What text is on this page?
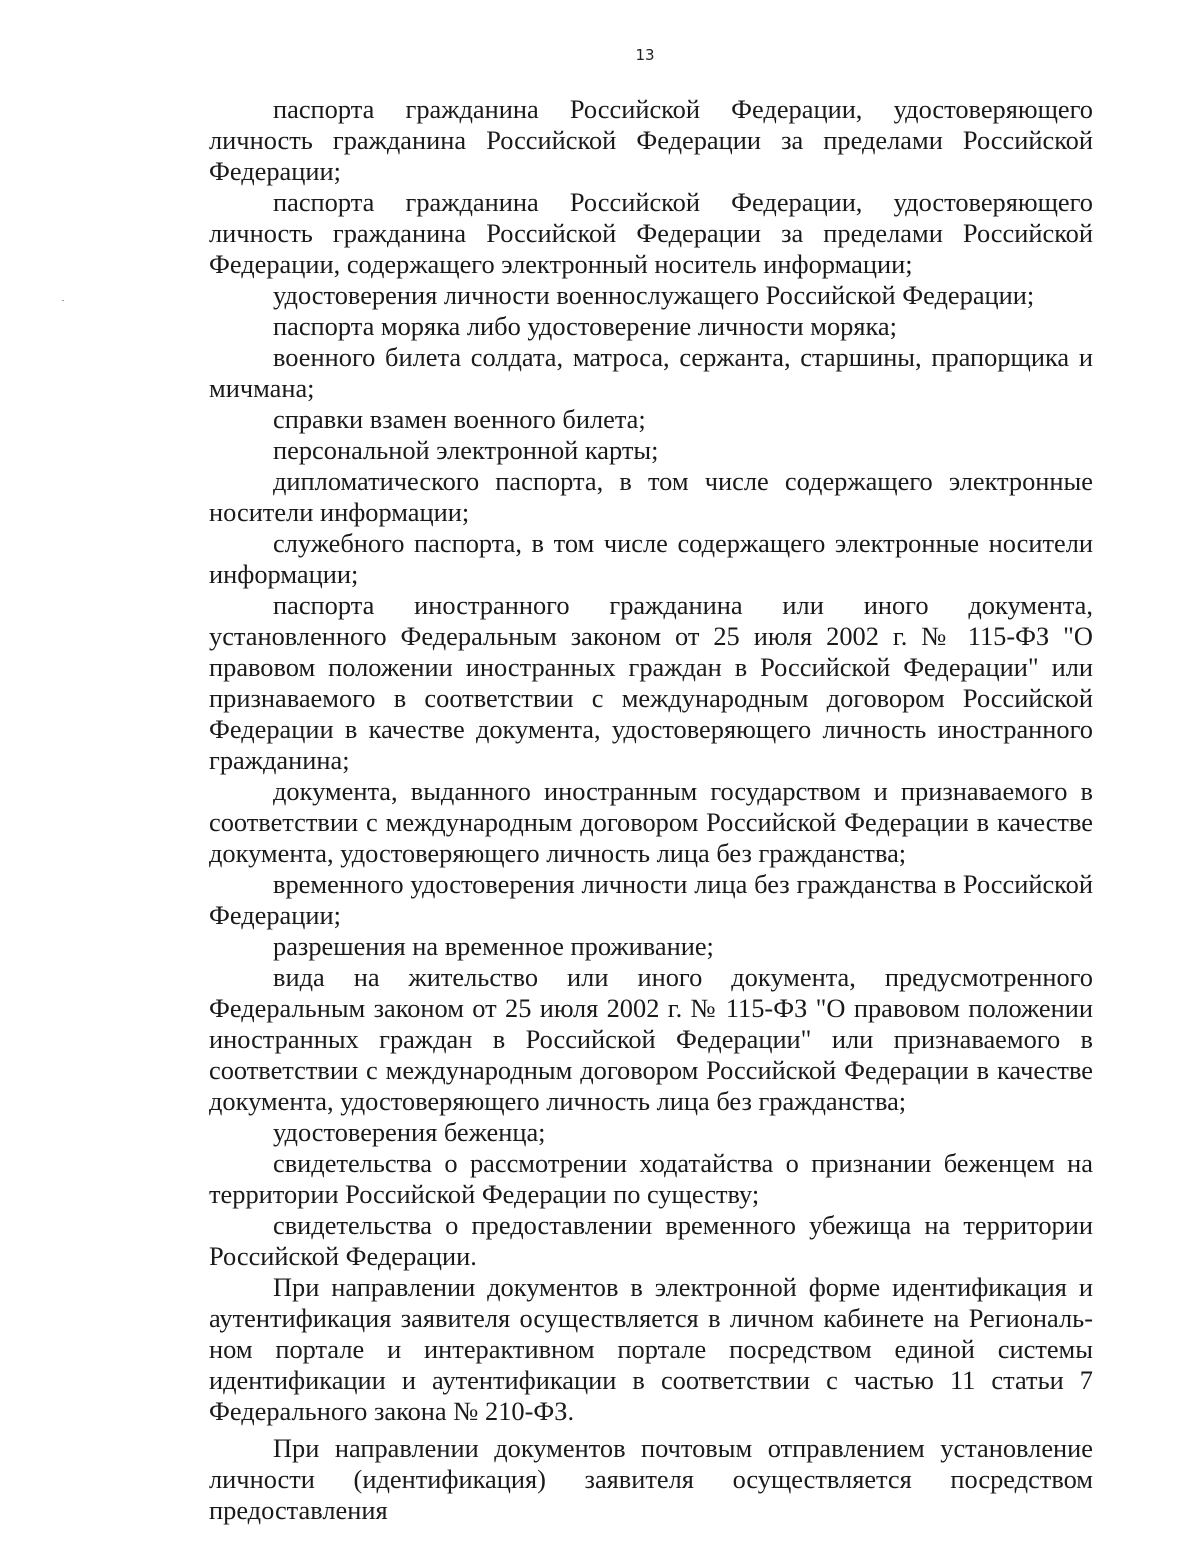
13

паспорта гражданина Российской Федерации, удостоверяющего личность гражданина Российской Федерации за пределами Российской Федерации;

паспорта гражданина Российской Федерации, удостоверяющего личность гражданина Российской Федерации за пределами Российской Федерации, содержащего электронный носитель информации;

удостоверения личности военнослужащего Российской Федерации;

паспорта моряка либо удостоверение личности моряка;

военного билета солдата, матроса, сержанта, старшины, прапорщика и мичмана;

справки взамен военного билета;

персональной электронной карты;

дипломатического паспорта, в том числе содержащего электронные носители информации;

служебного паспорта, в том числе содержащего электронные носители информации;

паспорта иностранного гражданина или иного документа, установленного Федеральным законом от 25 июля 2002 г. № 115-ФЗ "О правовом положении иностранных граждан в Российской Федерации" или признаваемого в соответствии с международным договором Российской Федерации в качестве документа, удостоверяющего личность иностранного гражданина;

документа, выданного иностранным государством и признаваемого в соответствии с международным договором Российской Федерации в качестве документа, удостоверяющего личность лица без гражданства;

временного удостоверения личности лица без гражданства в Российской Федерации;

разрешения на временное проживание;

вида на жительство или иного документа, предусмотренного Федеральным законом от 25 июля 2002 г. № 115-ФЗ "О правовом положении иностранных граждан в Российской Федерации" или признаваемого в соответствии с международным договором Российской Федерации в качестве документа, удостоверяющего личность лица без гражданства;

удостоверения беженца;

свидетельства о рассмотрении ходатайства о признании беженцем на территории Российской Федерации по существу;

свидетельства о предоставлении временного убежища на территории Российской Федерации.

При направлении документов в электронной форме идентификация и аутентификация заявителя осуществляется в личном кабинете на Региональном портале и интерактивном портале посредством единой системы идентификации и аутентификации в соответствии с частью 11 статьи 7 Федерального закона № 210-ФЗ.

При направлении документов почтовым отправлением установление личности (идентификация) заявителя осуществляется посредством предоставления
